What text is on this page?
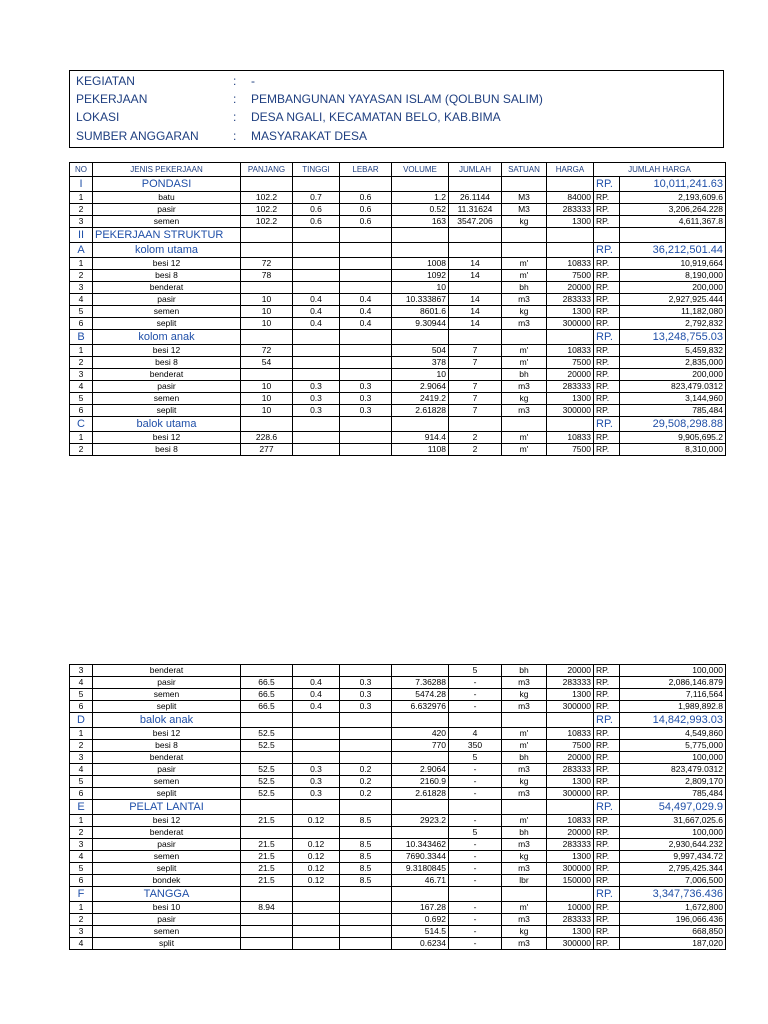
KEGIATAN	: -
PEKERJAAN	: PEMBANGUNAN YAYASAN ISLAM (QOLBUN SALIM)
LOKASI	: DESA NGALI, KECAMATAN BELO, KAB.BIMA
SUMBER ANGGARAN	: MASYARAKAT DESA
NO	JENIS PEKERJAAN	PANJANG	TINGGI	LEBAR	VOLUME	JUMLAH	SATUAN	HARGA	JUMLAH HARGA	
I	PONDASI								RP.	10,011,241.63
1	batu	102.2	0.7	0.6	1.2	26.1144	M3	84000	RP.	2,193,609.6
2	pasir	102.2	0.6	0.6	0.52	11.31624	M3	283333	RP.	3,206,264.228
3	semen	102.2	0.6	0.6	163	3547.206	kg	1300	RP.	4,611,367.8
II	PEKERJAAN STRUKTUR									
A	kolom utama								RP.	36,212,501.44
1	besi 12	72			1008	14	m'	10833	RP.	10,919,664
2	besi 8	78			1092	14	m'	7500	RP.	8,190,000
3	benderat				10		bh	20000	RP.	200,000
4	pasir	10	0.4	0.4	10.333867	14	m3	283333	RP.	2,927,925.444
5	semen	10	0.4	0.4	8601.6	14	kg	1300	RP.	11,182,080
6	seplit	10	0.4	0.4	9.30944	14	m3	300000	RP.	2,792,832
B	kolom anak								RP.	13,248,755.03
1	besi 12	72			504	7	m'	10833	RP.	5,459,832
2	besi 8	54			378	7	m'	7500	RP.	2,835,000
3	benderat				10		bh	20000	RP.	200,000
4	pasir	10	0.3	0.3	2.9064	7	m3	283333	RP.	823,479.0312
5	semen	10	0.3	0.3	2419.2	7	kg	1300	RP.	3,144,960
6	seplit	10	0.3	0.3	2.61828	7	m3	300000	RP.	785,484
C	balok utama								RP.	29,508,298.88
1	besi 12	228.6			914.4	2	m'	10833	RP.	9,905,695.2
2	besi 8	277			1108	2	m'	7500	RP.	8,310,000
3	benderat					5	bh	20000	RP.	100,000
4	pasir	66.5	0.4	0.3	7.36288	-	m3	283333	RP.	2,086,146.879
5	semen	66.5	0.4	0.3	5474.28	-	kg	1300	RP.	7,116,564
6	seplit	66.5	0.4	0.3	6.632976	-	m3	300000	RP.	1,989,892.8
D	balok anak								RP.	14,842,993.03
1	besi 12	52.5			420	4	m'	10833	RP.	4,549,860
2	besi 8	52.5			770	350	m'	7500	RP.	5,775,000
3	benderat					5	bh	20000	RP.	100,000
4	pasir	52.5	0.3	0.2	2.9064	-	m3	283333	RP.	823,479.0312
5	semen	52.5	0.3	0.2	2160.9	-	kg	1300	RP.	2,809,170
6	seplit	52.5	0.3	0.2	2.61828	-	m3	300000	RP.	785,484
E	PELAT LANTAI								RP.	54,497,029.9
1	besi 12	21.5	0.12	8.5	2923.2	-	m'	10833	RP.	31,667,025.6
2	benderat					5	bh	20000	RP.	100,000
3	pasir	21.5	0.12	8.5	10.343462	-	m3	283333	RP.	2,930,644.232
4	semen	21.5	0.12	8.5	7690.3344	-	kg	1300	RP.	9,997,434.72
5	seplit	21.5	0.12	8.5	9.3180845	-	m3	300000	RP.	2,795,425.344
6	bondek	21.5	0.12	8.5	46.71	-	lbr	150000	RP.	7,006,500
F	TANGGA								RP.	3,347,736.436
1	besi 10	8.94			167.28	-	m'	10000	RP.	1,672,800
2	pasir				0.692	-	m3	283333	RP.	196,066.436
3	semen				514.5	-	kg	1300	RP.	668,850
4	split				0.6234	-	m3	300000	RP.	187,020
